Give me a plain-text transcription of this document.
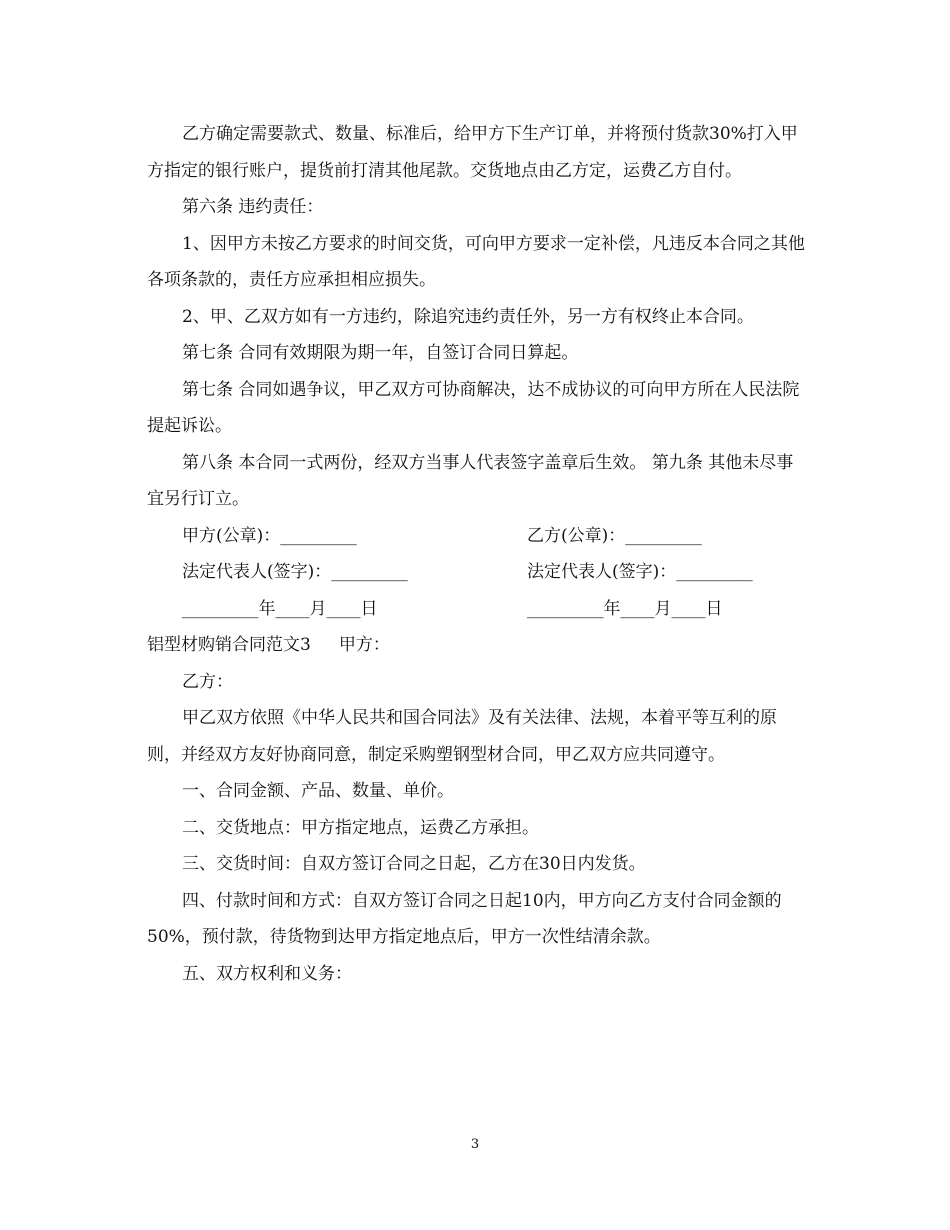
乙方确定需要款式、数量、标准后，给甲方下生产订单，并将预付货款30%打入甲方指定的银行账户，提货前打清其他尾款。交货地点由乙方定，运费乙方自付。

第六条 违约责任：

1、因甲方未按乙方要求的时间交货，可向甲方要求一定补偿，凡违反本合同之其他各项条款的，责任方应承担相应损失。

2、甲、乙双方如有一方违约，除追究违约责任外，另一方有权终止本合同。

第七条 合同有效期限为期一年，自签订合同日算起。

第七条 合同如遇争议，甲乙双方可协商解决，达不成协议的可向甲方所在人民法院提起诉讼。

第八条 本合同一式两份，经双方当事人代表签字盖章后生效。 第九条 其他未尽事宜另行订立。

甲方(公章)：_________	乙方(公章)：_________
法定代表人(签字)：_________	法定代表人(签字)：_________
_________年____月____日	_________年____月____日

铝型材购销合同范文3 甲方：

乙方：

甲乙双方依照《中华人民共和国合同法》及有关法律、法规，本着平等互利的原则，并经双方友好协商同意，制定采购塑钢型材合同，甲乙双方应共同遵守。

一、合同金额、产品、数量、单价。

二、交货地点：甲方指定地点，运费乙方承担。

三、交货时间：自双方签订合同之日起，乙方在30日内发货。

四、付款时间和方式：自双方签订合同之日起10内，甲方向乙方支付合同金额的50%，预付款，待货物到达甲方指定地点后，甲方一次性结清余款。

五、双方权利和义务：

3
